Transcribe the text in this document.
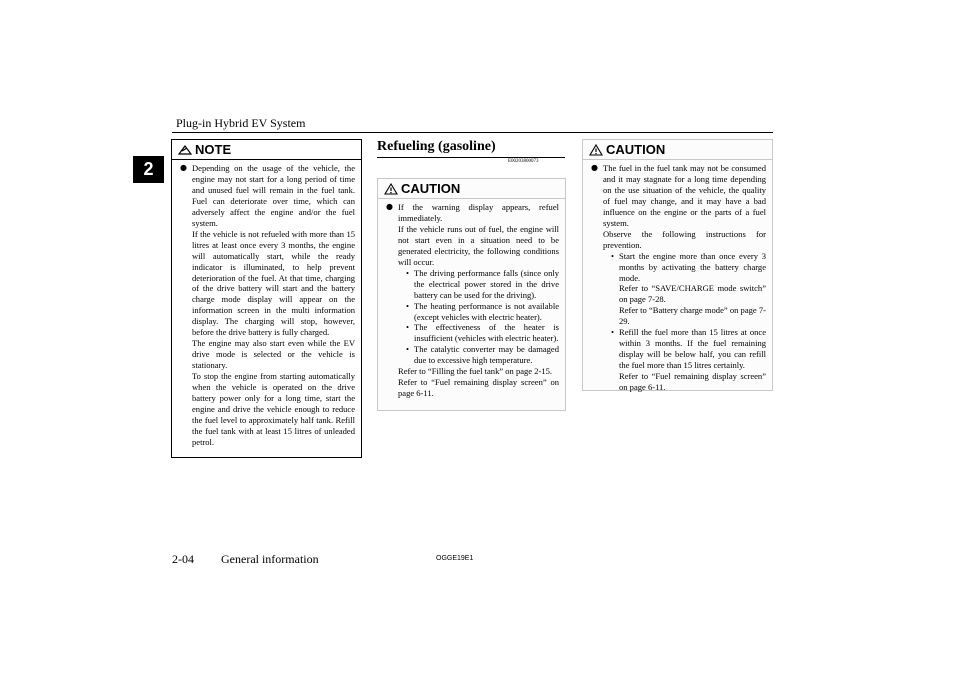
Plug-in Hybrid EV System
2
NOTE
● Depending on the usage of the vehicle, the engine may not start for a long period of time and unused fuel will remain in the fuel tank. Fuel can deteriorate over time, which can adversely affect the engine and/or the fuel system.

If the vehicle is not refueled with more than 15 litres at least once every 3 months, the engine will automatically start, while the ready indicator is illuminated, to help prevent deterioration of the fuel. At that time, charging of the drive battery will start and the battery charge mode display will appear on the information screen in the multi information display. The charging will stop, however, before the drive battery is fully charged.

The engine may also start even while the EV drive mode is selected or the vehicle is stationary.

To stop the engine from starting automatically when the vehicle is operated on the drive battery power only for a long time, start the engine and drive the vehicle enough to reduce the fuel level to approximately half tank. Refill the fuel tank with at least 15 litres of unleaded petrol.

Refueling (gasoline)
E00203800073
CAUTION
● If the warning display appears, refuel immediately.

If the vehicle runs out of fuel, the engine will not start even in a situation need to be generated electricity, the following conditions will occur.

• The driving performance falls (since only the electrical power stored in the drive battery can be used for the driving).
• The heating performance is not available (except vehicles with electric heater).
• The effectiveness of the heater is insufficient (vehicles with electric heater).
• The catalytic converter may be damaged due to excessive high temperature.

Refer to “Filling the fuel tank” on page 2-15.

Refer to “Fuel remaining display screen” on page 6-11.

CAUTION
● The fuel in the fuel tank may not be consumed and it may stagnate for a long time depending on the use situation of the vehicle, the quality of fuel may change, and it may have a bad influence on the engine or the parts of a fuel system.

Observe the following instructions for prevention.

• Start the engine more than once every 3 months by activating the battery charge mode.

Refer to “SAVE/CHARGE mode switch” on page 7-28.

Refer to “Battery charge mode” on page 7-29.

• Refill the fuel more than 15 litres at once within 3 months. If the fuel remaining display will be below half, you can refill the fuel more than 15 litres certainly.

Refer to “Fuel remaining display screen” on page 6-11.

2-04 General information	OGGE19E1
